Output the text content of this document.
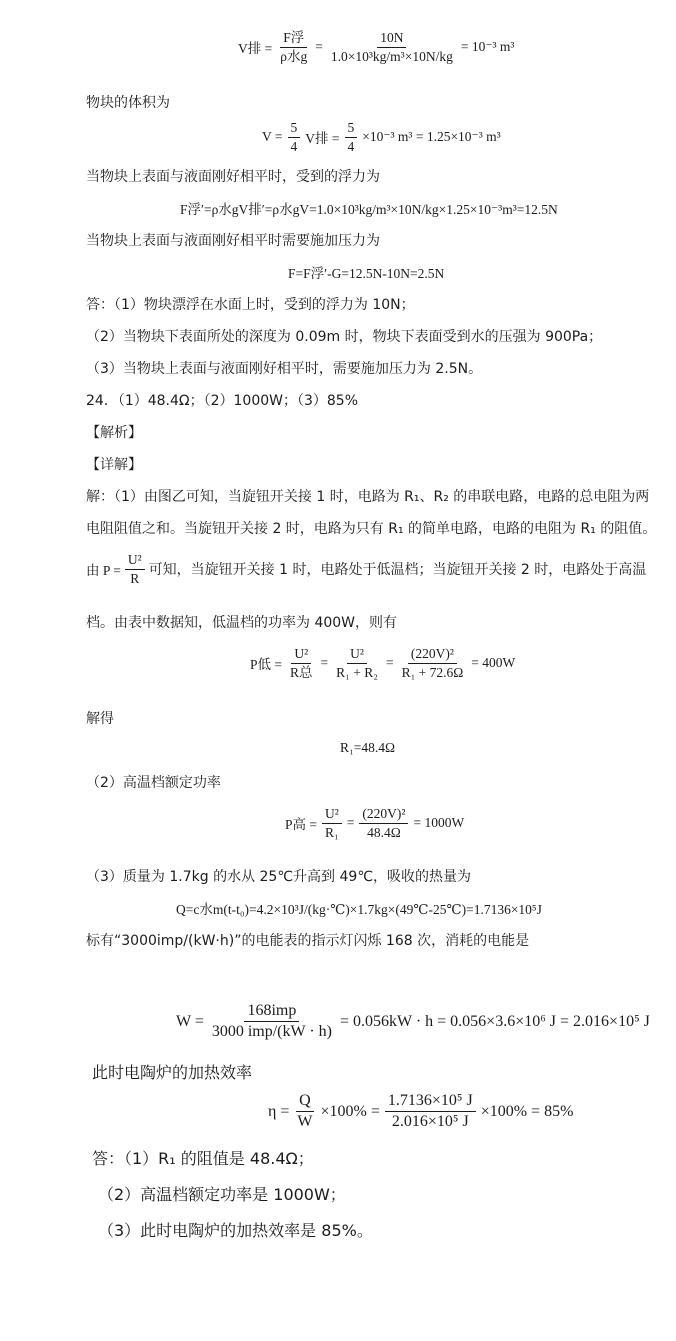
V排 = $\frac{\text{F浮}}{\text{ρ水g}} = \frac{10N}{\text{1.0×10³kg/m³×10N/kg}} = 10^{-3}$ m³
物块的体积为
$V = \frac{5}{4}$ V排 = $\frac{5}{4} \times 10^{-3}$ m³ = 1.25×10⁻³ m³
当物块上表面与液面刚好相平时，受到的浮力为
F浮′=ρ水gV排′=ρ水gV=1.0×10³kg/m³×10N/kg×1.25×10⁻³m³=12.5N
当物块上表面与液面刚好相平时需要施加压力为
F=F浮′-G=12.5N-10N=2.5N
答：（1）物块漂浮在水面上时，受到的浮力为 10N；
（2）当物块下表面所处的深度为 0.09m 时，物块下表面受到水的压强为 900Pa；
（3）当物块上表面与液面刚好相平时，需要施加压力为 2.5N。
24．（1）48.4Ω；（2）1000W；（3）85%
【解析】
【详解】
解：（1）由图乙可知，当旋钮开关接 1 时，电路为 R₁、R₂ 的串联电路，电路的总电阻为两
电阻阻值之和。当旋钮开关接 2 时，电路为只有 R₁ 的简单电路，电路的电阻为 R₁ 的阻值。
由 $P = \frac{\text{U²}}{R}$ 可知，当旋钮开关接 1 时，电路处于低温档；当旋钮开关接 2 时，电路处于高温
档。由表中数据知，低温档的功率为 400W，则有
P低 = $\frac{\text{U²}}{\text{R总}} = \frac{\text{U²}}{\text{R₁ + R₂}} = \frac{\text{(220V)²}}{\text{R₁ + 72.6Ω}} = 400W$
解得
R₁=48.4Ω
（2）高温档额定功率
P高 = $\frac{\text{U²}}{\text{R₁}} = \frac{\text{(220V)²}}{48.4\Omega} = 1000W$
（3）质量为 1.7kg 的水从 25℃升高到 49℃，吸收的热量为
Q=c水m(t-t₀)=4.2×10³J/(kg·℃)×1.7kg×(49℃-25℃)=1.7136×10⁵J
标有“3000imp/(kW·h)”的电能表的指示灯闪烁 168 次，消耗的电能是
$W = \frac{\text{168imp}}{\text{3000 imp/(kW · h)}} = 0.056kW \cdot h = 0.056\times 3.6\times 10^6$ J = 2.016×10⁵ J
此时电陶炉的加热效率
$\eta = \frac{Q}{W} \times 100\% = \frac{\text{1.7136×10⁵ J}}{\text{2.016×10⁵ J}} \times 100\% = 85\%$
答：（1）R₁ 的阻值是 48.4Ω；
（2）高温档额定功率是 1000W；
（3）此时电陶炉的加热效率是 85%。
